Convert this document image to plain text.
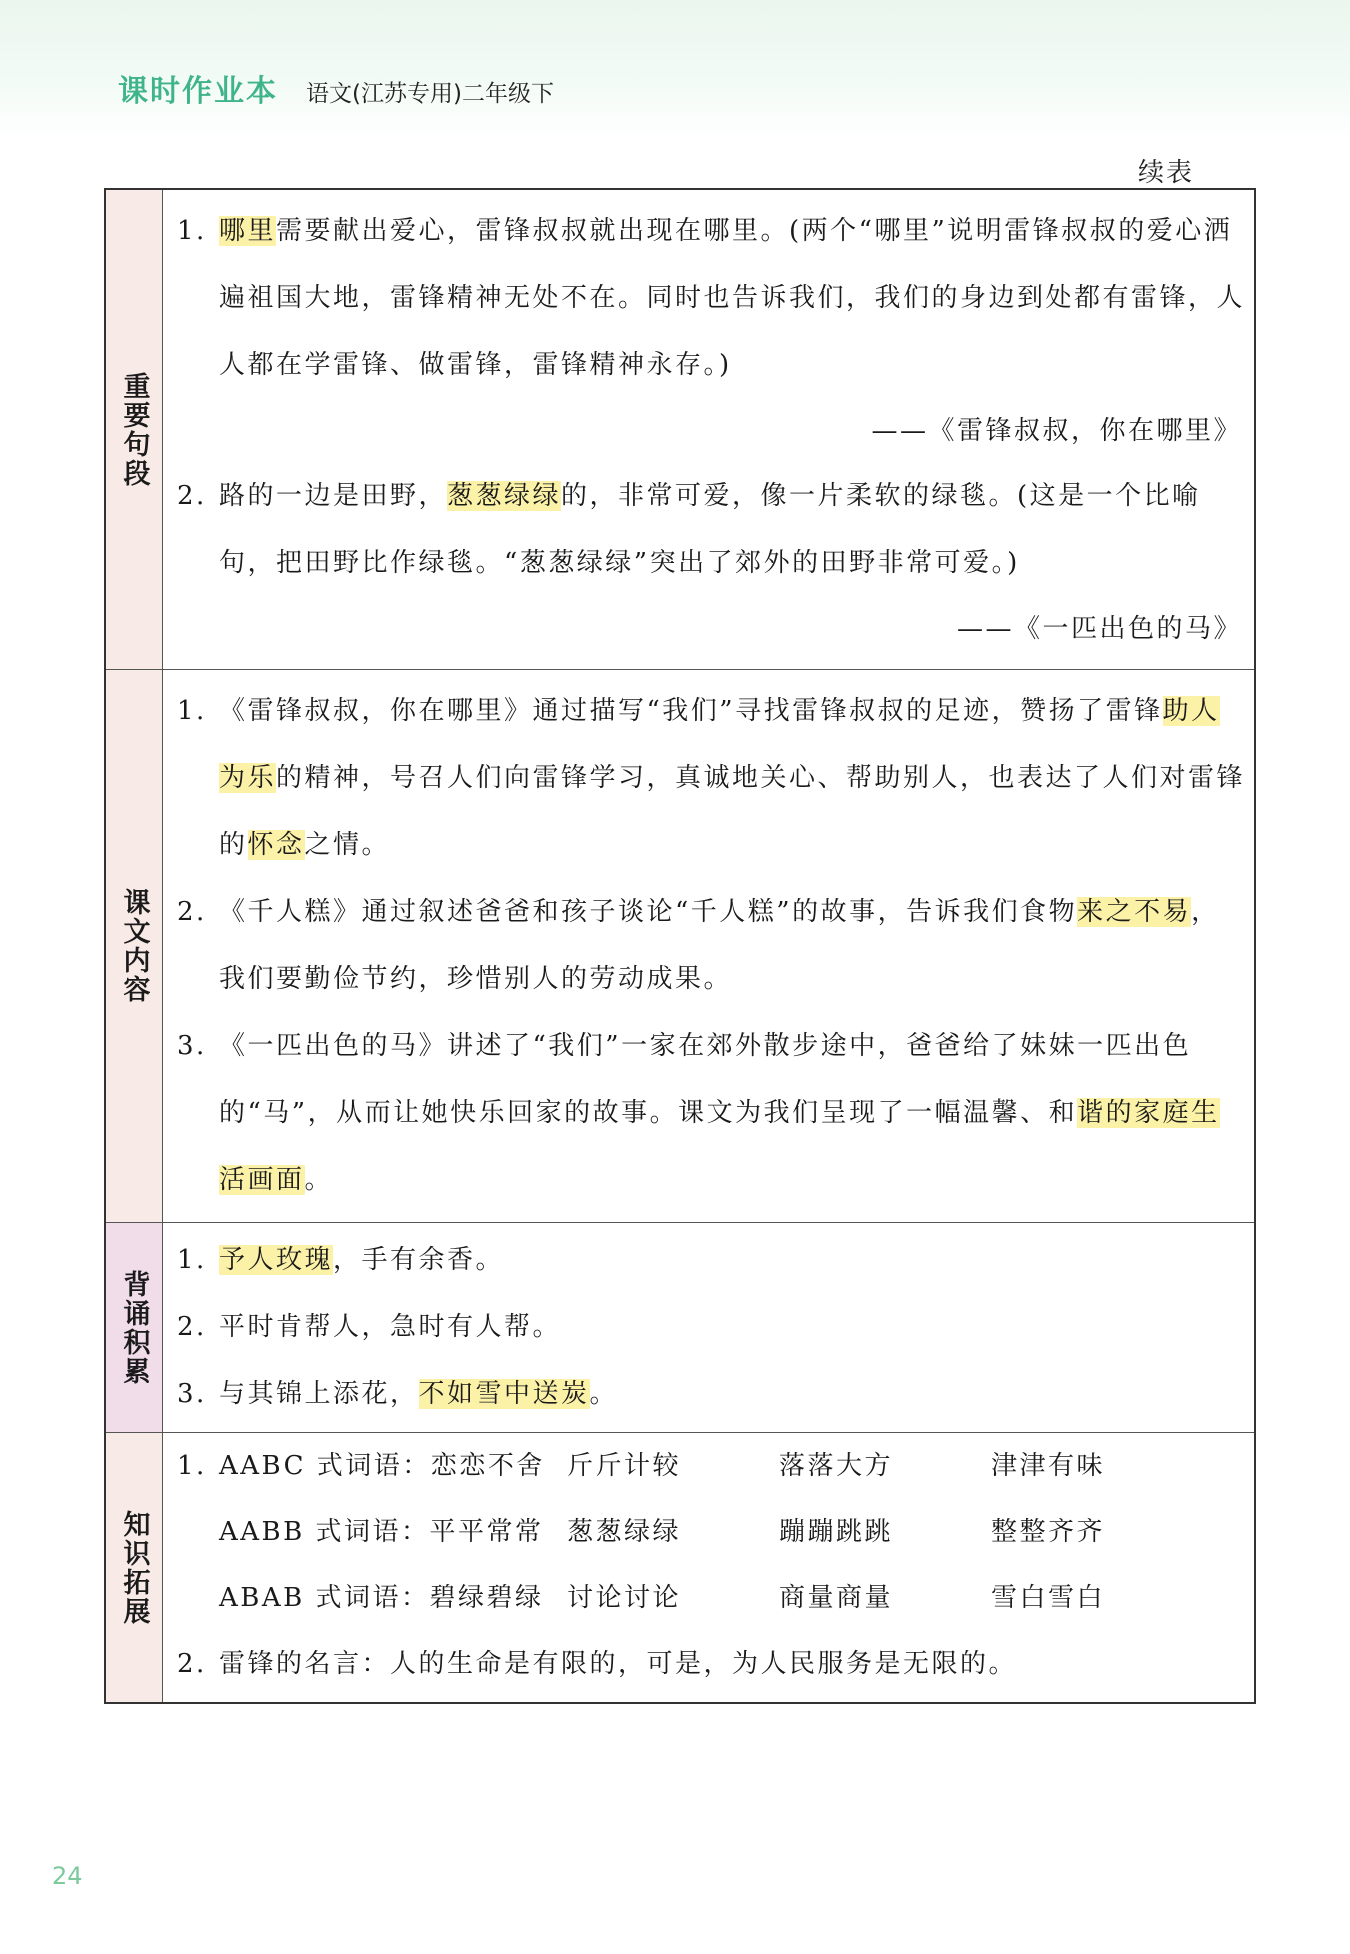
课时作业本 语文(江苏专用)二年级下
续表
重要句段
1. 哪里需要献出爱心，雷锋叔叔就出现在哪里。(两个“哪里”说明雷锋叔叔的爱心洒遍祖国大地，雷锋精神无处不在。同时也告诉我们，我们的身边到处都有雷锋，人人都在学雷锋、做雷锋，雷锋精神永存。)
——《雷锋叔叔，你在哪里》
2. 路的一边是田野，葱葱绿绿的，非常可爱，像一片柔软的绿毯。(这是一个比喻句，把田野比作绿毯。“葱葱绿绿”突出了郊外的田野非常可爱。)
——《一匹出色的马》
课文内容
1. 《雷锋叔叔，你在哪里》通过描写“我们”寻找雷锋叔叔的足迹，赞扬了雷锋助人为乐的精神，号召人们向雷锋学习，真诚地关心、帮助别人，也表达了人们对雷锋的怀念之情。
2. 《千人糕》通过叙述爸爸和孩子谈论“千人糕”的故事，告诉我们食物来之不易，我们要勤俭节约，珍惜别人的劳动成果。
3. 《一匹出色的马》讲述了“我们”一家在郊外散步途中，爸爸给了妹妹一匹出色的“马”，从而让她快乐回家的故事。课文为我们呈现了一幅温馨、和谐的家庭生活画面。
背诵积累
1. 予人玫瑰，手有余香。
2. 平时肯帮人，急时有人帮。
3. 与其锦上添花，不如雪中送炭。
知识拓展
1. AABC 式词语： 恋恋不舍 斤斤计较	落落大方	津津有味
AABB 式词语： 平平常常 葱葱绿绿	蹦蹦跳跳	整整齐齐
ABAB 式词语： 碧绿碧绿 讨论讨论	商量商量	雪白雪白
2. 雷锋的名言：人的生命是有限的，可是，为人民服务是无限的。
24
